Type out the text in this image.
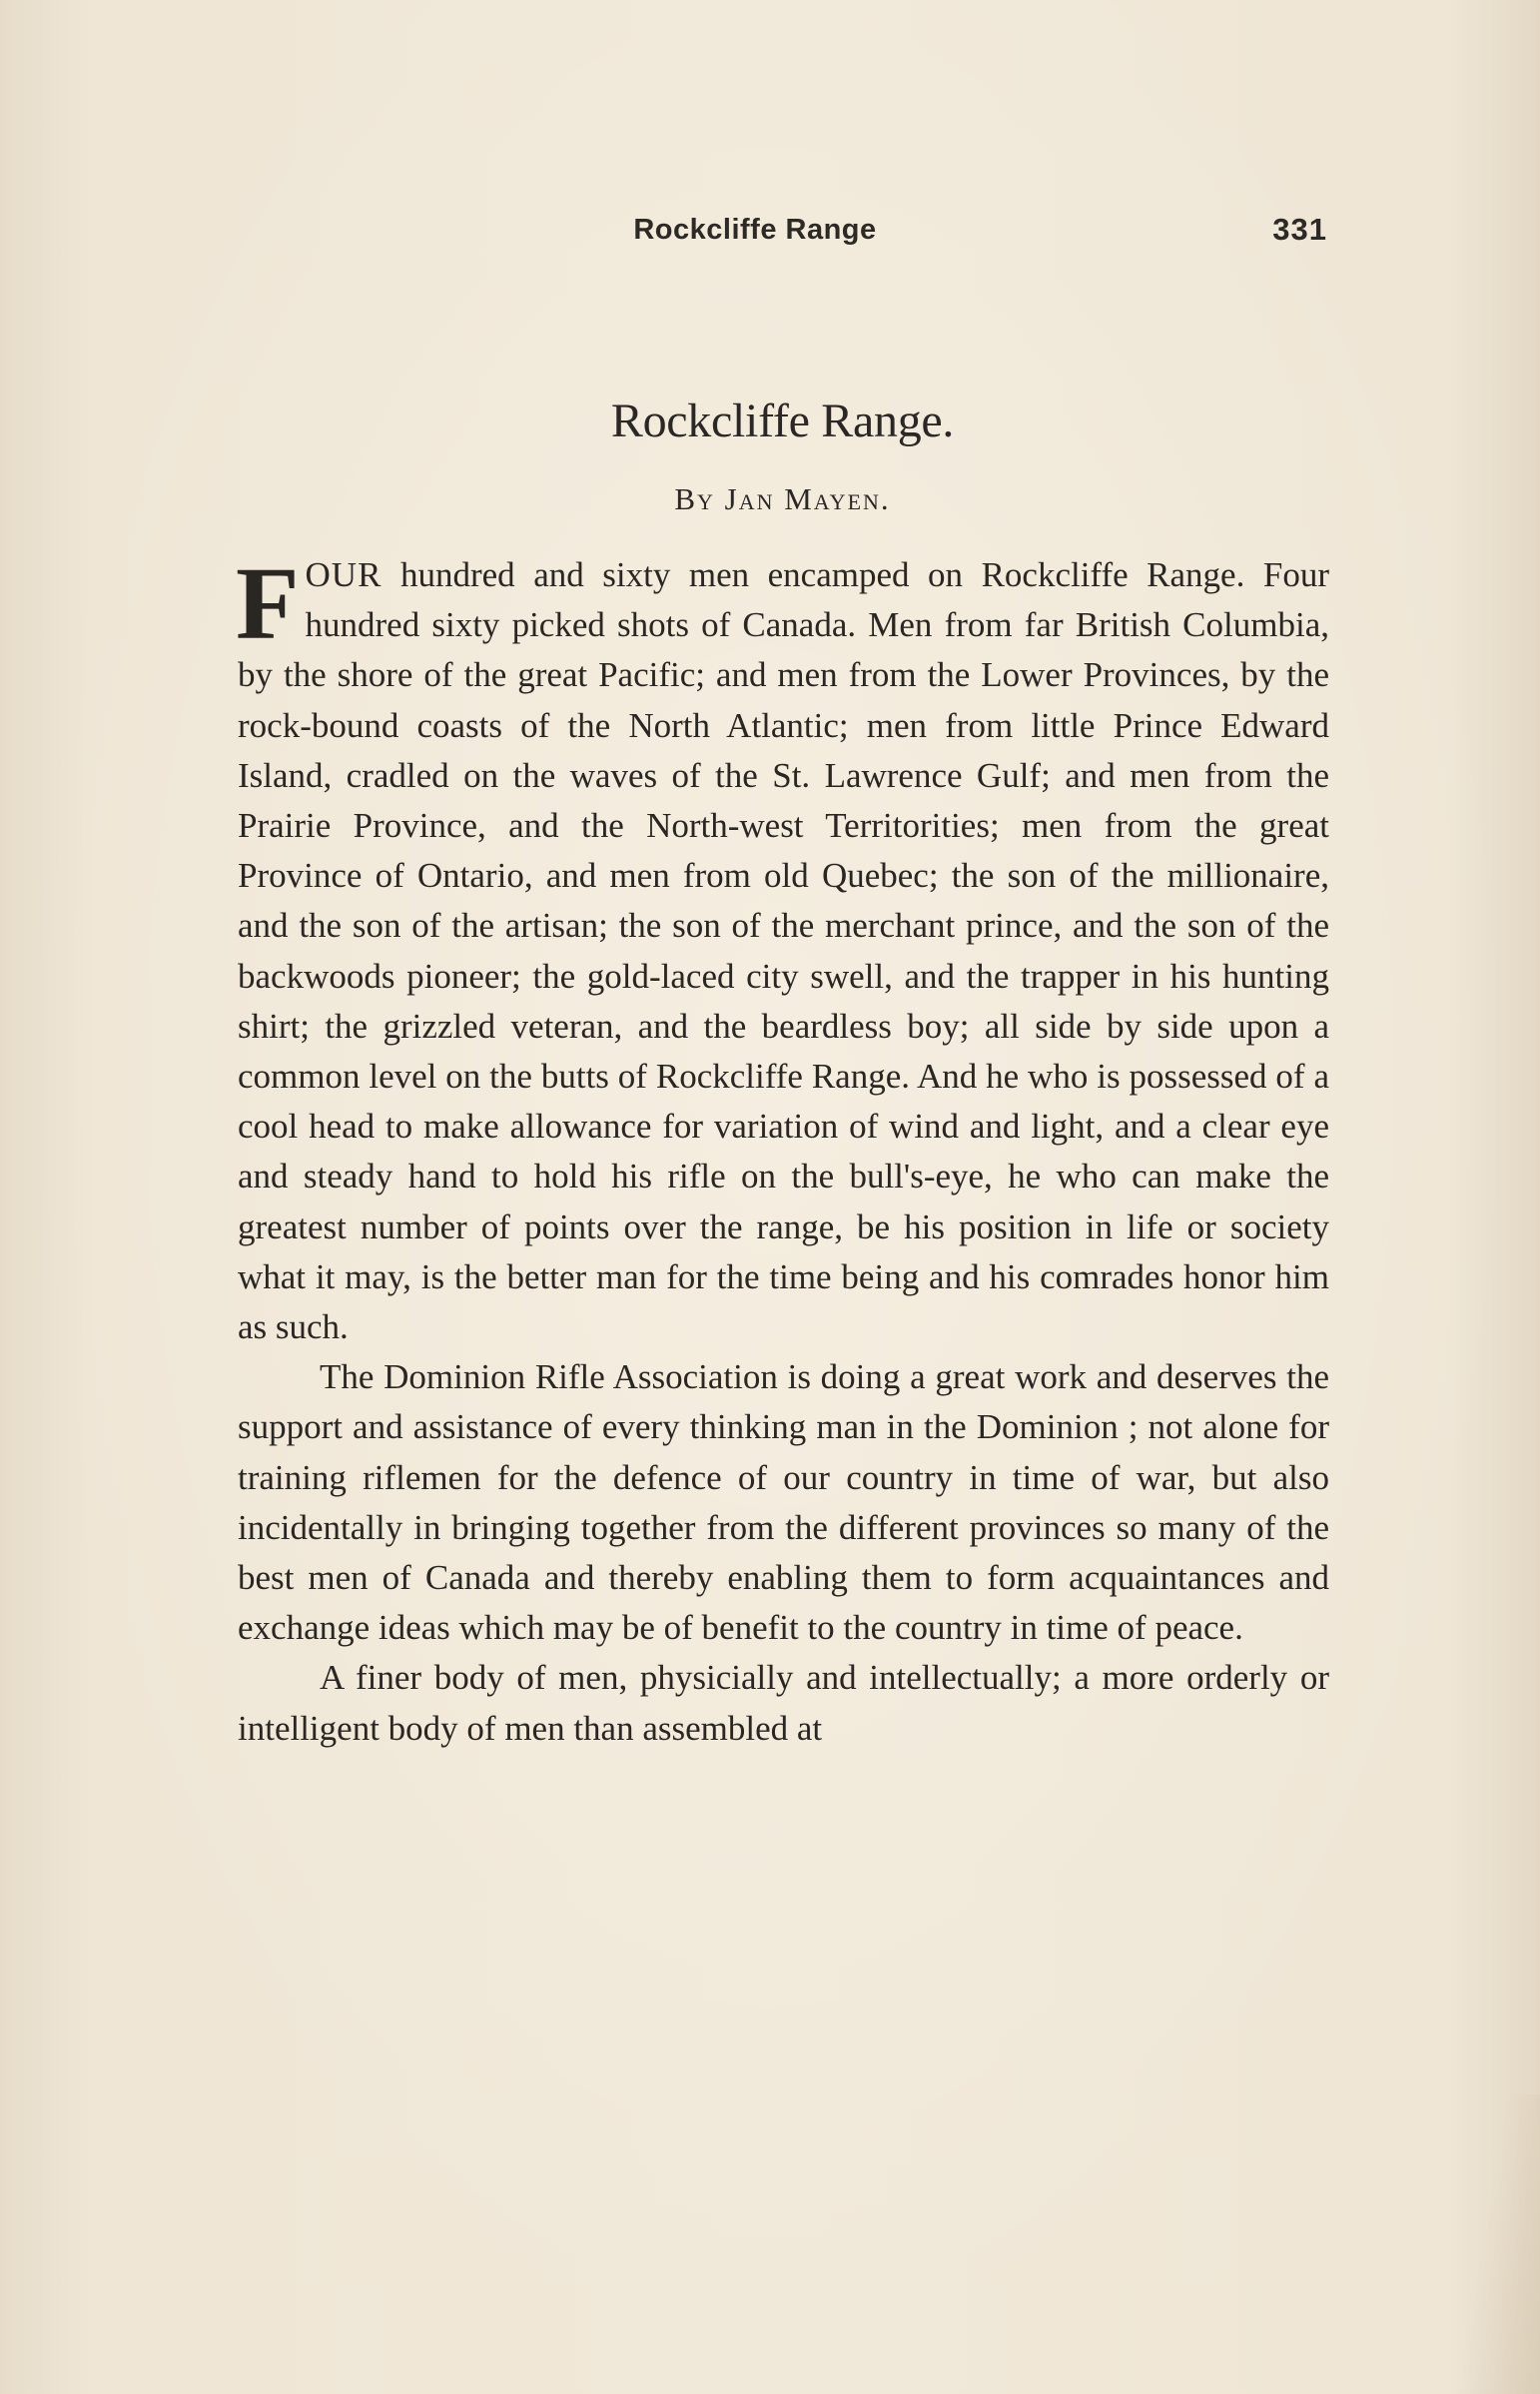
Rockcliffe Range	331
Rockcliffe Range.
By Jan Mayen.

FOUR hundred and sixty men encamped on Rockcliffe Range. Four hundred sixty picked shots of Canada. Men from far British Columbia, by the shore of the great Pacific; and men from the Lower Provinces, by the rock-bound coasts of the North Atlantic; men from little Prince Edward Island, cradled on the waves of the St. Lawrence Gulf; and men from the Prairie Province, and the North-west Territorities; men from the great Province of Ontario, and men from old Quebec; the son of the millionaire, and the son of the artisan; the son of the merchant prince, and the son of the backwoods pioneer; the gold-laced city swell, and the trapper in his hunting shirt; the grizzled veteran, and the beardless boy; all side by side upon a common level on the butts of Rockcliffe Range. And he who is possessed of a cool head to make allowance for variation of wind and light, and a clear eye and steady hand to hold his rifle on the bull's-eye, he who can make the greatest number of points over the range, be his position in life or society what it may, is the better man for the time being and his comrades honor him as such.

The Dominion Rifle Association is doing a great work and deserves the support and assistance of every thinking man in the Dominion ; not alone for training riflemen for the defence of our country in time of war, but also incidentally in bringing together from the different provinces so many of the best men of Canada and thereby enabling them to form acquaintances and exchange ideas which may be of benefit to the country in time of peace.

A finer body of men, physicially and intellectually; a more orderly or intelligent body of men than assembled at
